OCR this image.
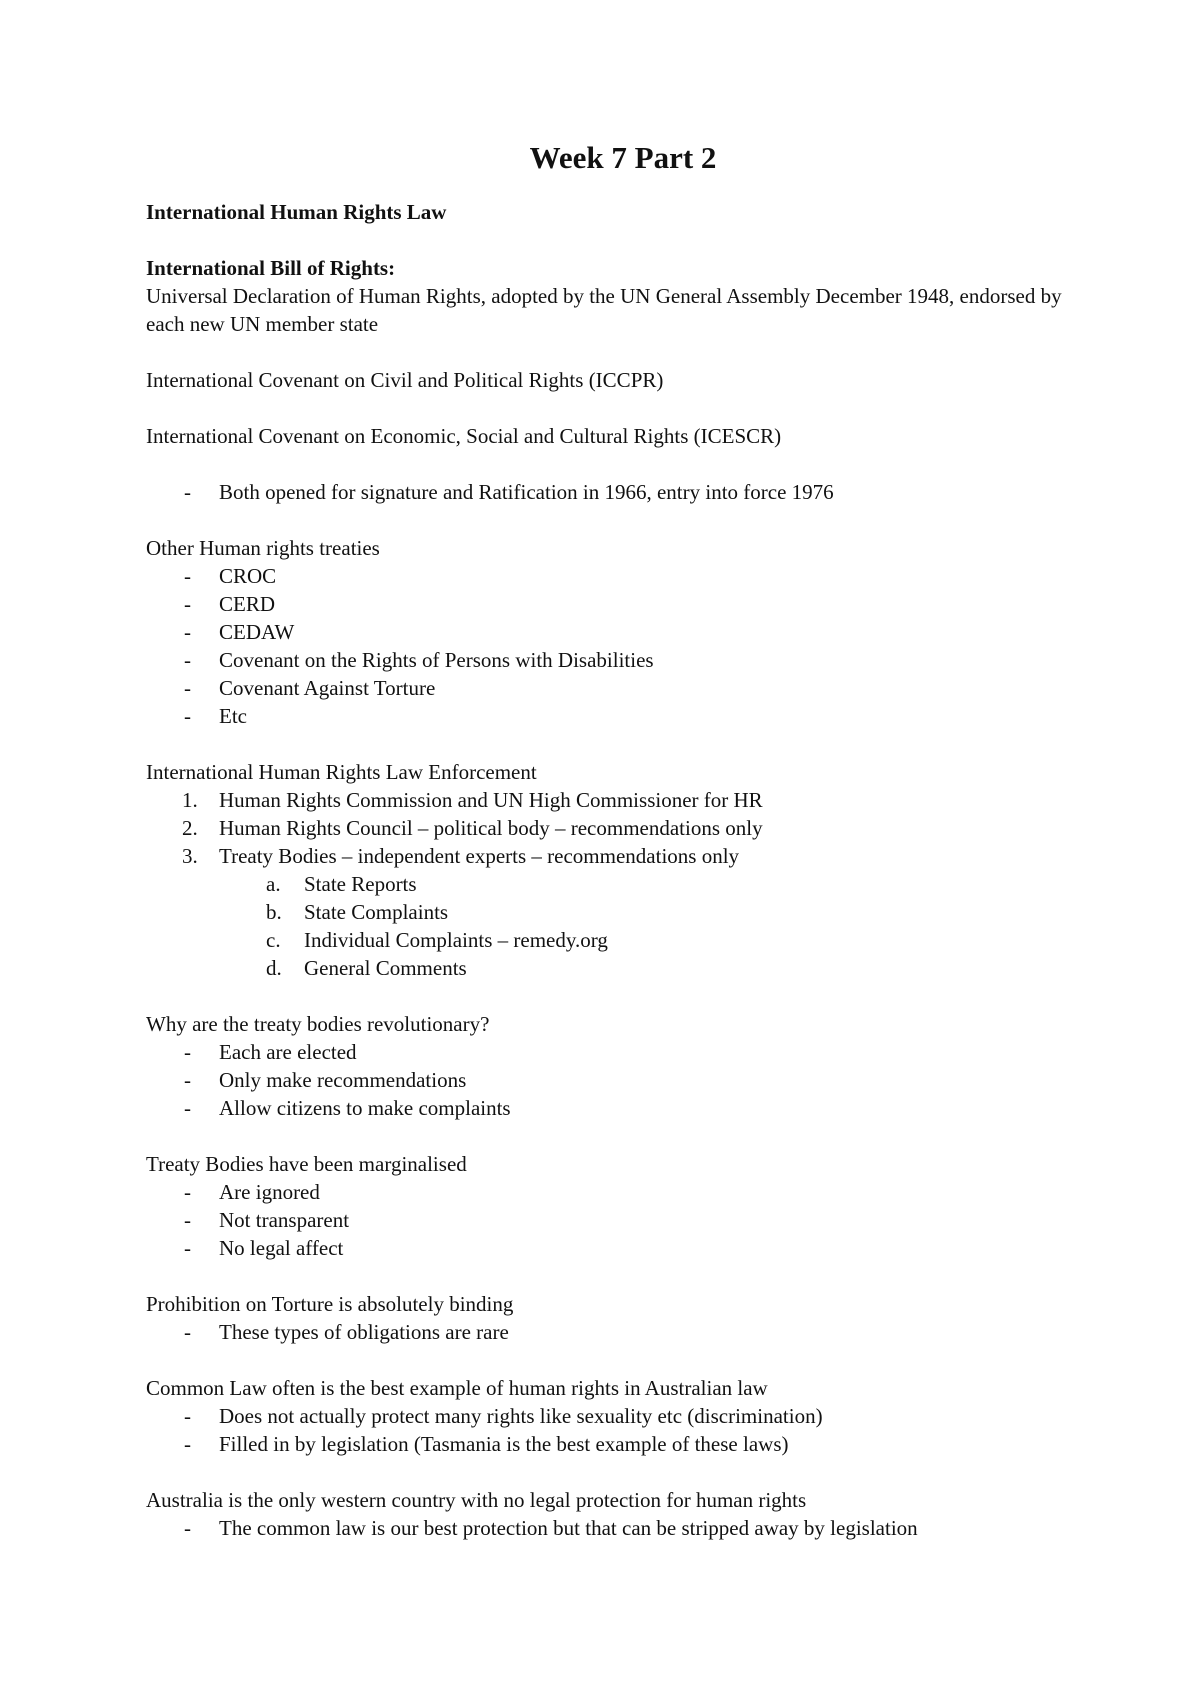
Week 7 Part 2

International Human Rights Law

International Bill of Rights:

Universal Declaration of Human Rights, adopted by the UN General Assembly December 1948, endorsed by each new UN member state

International Covenant on Civil and Political Rights (ICCPR)

International Covenant on Economic, Social and Cultural Rights (ICESCR)

- Both opened for signature and Ratification in 1966, entry into force 1976

Other Human rights treaties

- CROC
- CERD
- CEDAW
- Covenant on the Rights of Persons with Disabilities
- Covenant Against Torture
- Etc

International Human Rights Law Enforcement

1. Human Rights Commission and UN High Commissioner for HR
2. Human Rights Council – political body – recommendations only
3. Treaty Bodies – independent experts – recommendations only
a. State Reports
b. State Complaints
c. Individual Complaints – remedy.org
d. General Comments

Why are the treaty bodies revolutionary?

- Each are elected
- Only make recommendations
- Allow citizens to make complaints

Treaty Bodies have been marginalised

- Are ignored
- Not transparent
- No legal affect

Prohibition on Torture is absolutely binding

- These types of obligations are rare

Common Law often is the best example of human rights in Australian law

- Does not actually protect many rights like sexuality etc (discrimination)
- Filled in by legislation (Tasmania is the best example of these laws)

Australia is the only western country with no legal protection for human rights

- The common law is our best protection but that can be stripped away by legislation
